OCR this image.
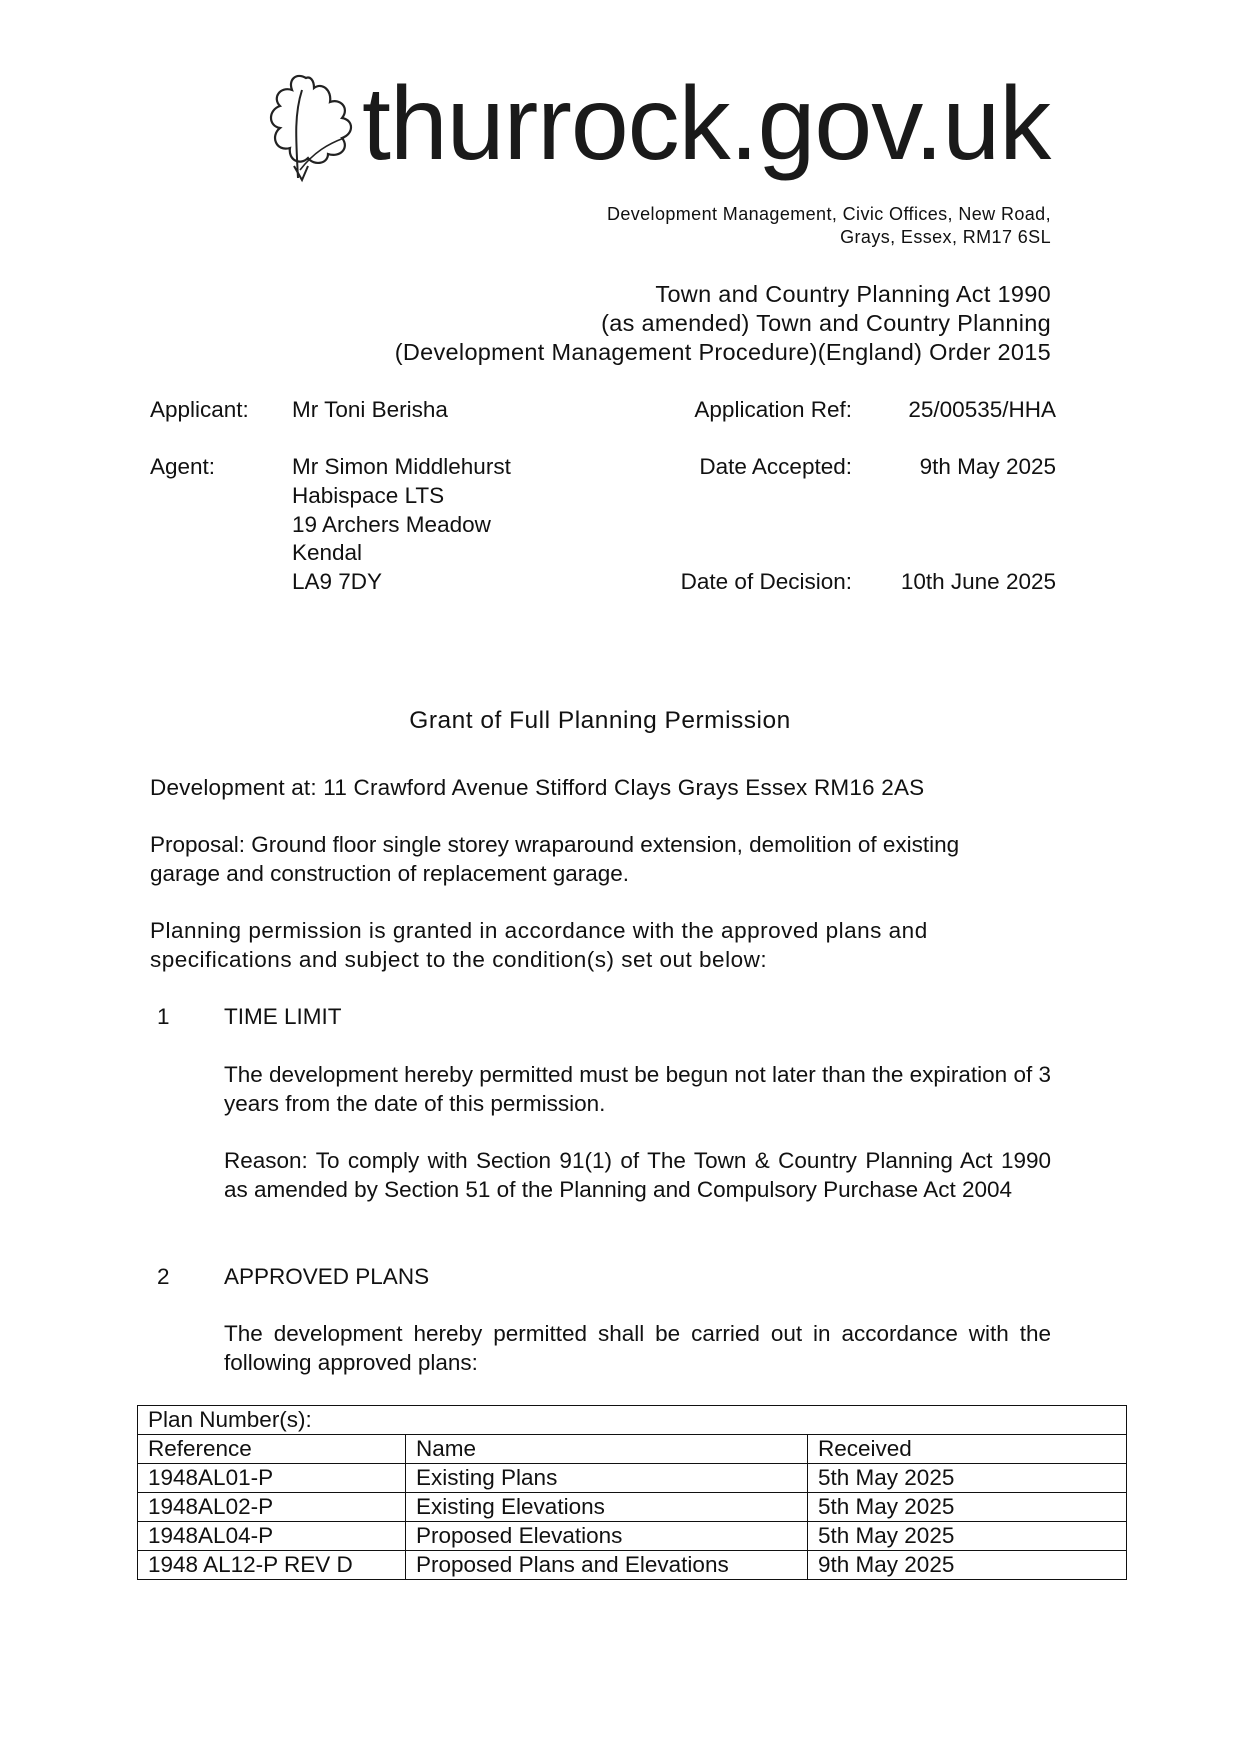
thurrock.gov.uk
Development Management, Civic Offices, New Road,
Grays, Essex, RM17 6SL
Town and Country Planning Act 1990
(as amended) Town and Country Planning
(Development Management Procedure)(England) Order 2015
Applicant: Mr Toni Berisha	Application Ref:	25/00535/HHA
Agent:	Mr Simon Middlehurst
Habispace LTS
19 Archers Meadow
Kendal
LA9 7DY
Date Accepted:	9th May 2025
Date of Decision: 10th June 2025
Grant of Full Planning Permission
Development at: 11 Crawford Avenue Stifford Clays Grays Essex RM16 2AS
Proposal: Ground floor single storey wraparound extension, demolition of existing garage and construction of replacement garage.
Planning permission is granted in accordance with the approved plans and specifications and subject to the condition(s) set out below:
1 TIME LIMIT
The development hereby permitted must be begun not later than the expiration of 3 years from the date of this permission.
Reason: To comply with Section 91(1) of The Town & Country Planning Act 1990 as amended by Section 51 of the Planning and Compulsory Purchase Act 2004
2 APPROVED PLANS
The development hereby permitted shall be carried out in accordance with the following approved plans:
Plan Number(s):		
Reference	Name	Received
1948AL01-P	Existing Plans	5th May 2025
1948AL02-P	Existing Elevations	5th May 2025
1948AL04-P	Proposed Elevations	5th May 2025
1948 AL12-P REV D	Proposed Plans and Elevations	9th May 2025
